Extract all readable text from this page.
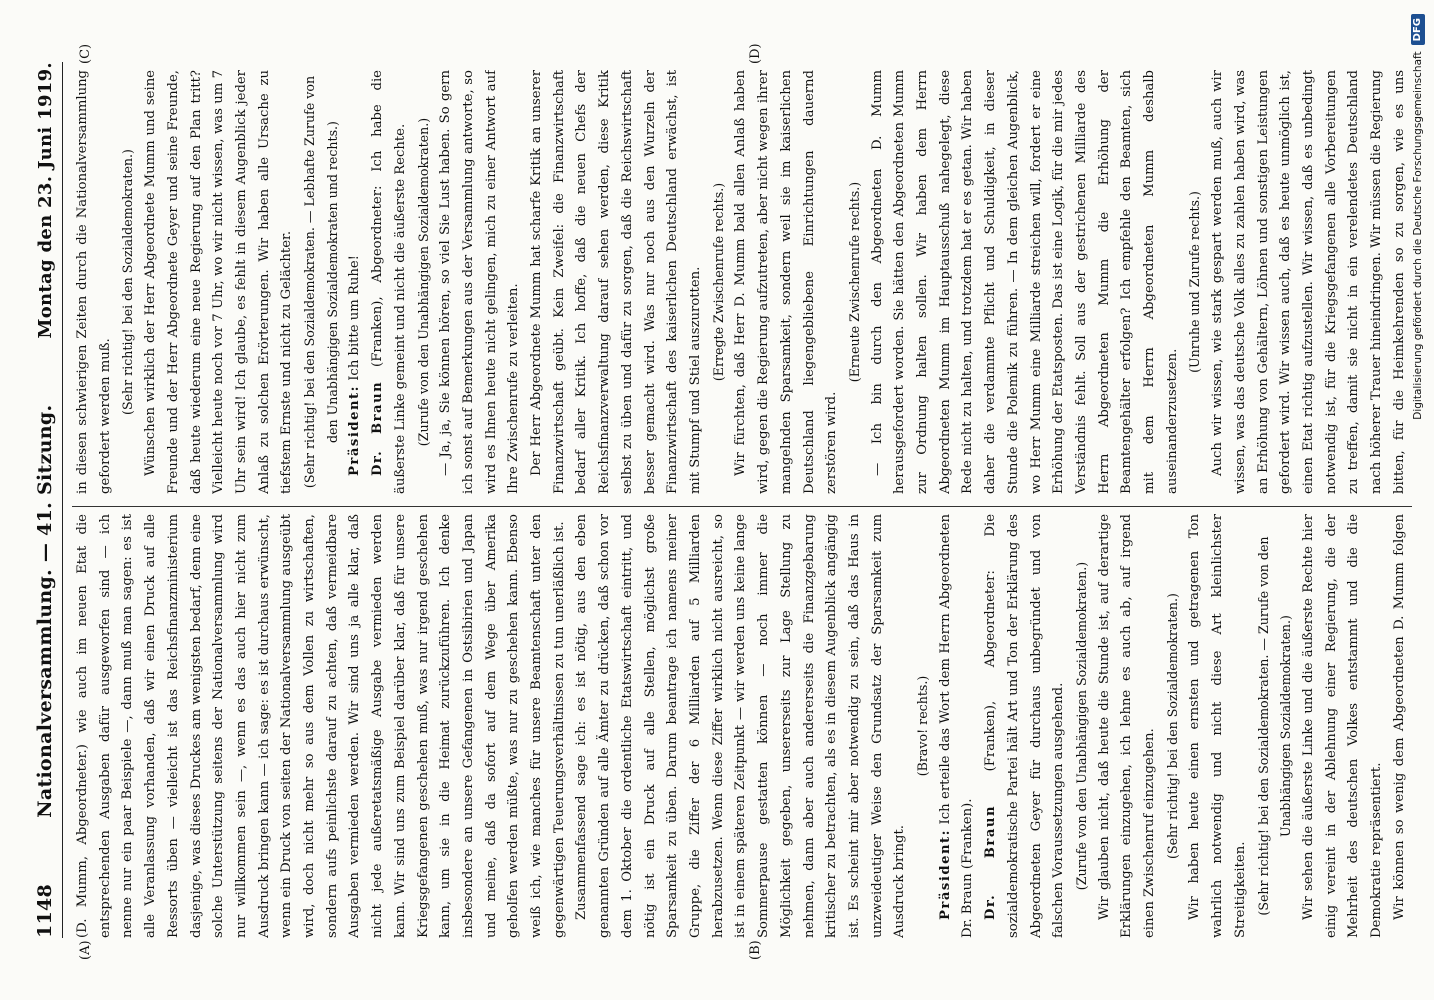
1148
Nationalversammlung. — 41. Sitzung.
Montag den 23. Juni 1919.
(A)	(B)
(C)	(D)

(D. Mumm, Abgeordneter.) wie auch im neuen Etat die entsprechenden Ausgaben dafür ausgeworfen sind — ich nenne nur ein paar Beispiele —, dann muß man sagen: es ist alle Veranlassung vorhanden, daß wir einen Druck auf alle Ressorts üben — vielleicht ist das Reichsfinanzministerium dasjenige, was dieses Druckes am wenigsten bedarf, denn eine solche Unterstützung seitens der Nationalversammlung wird nur willkommen sein —, wenn es das auch hier nicht zum Ausdruck bringen kann — ich sage: es ist durchaus erwünscht, wenn ein Druck von seiten der Nationalversammlung ausgeübt wird, doch nicht mehr so aus dem Vollen zu wirtschaften, sondern aufs peinlichste darauf zu achten, daß vermeidbare Ausgaben vermieden werden. Wir sind uns ja alle klar, daß nicht jede außeretatsmäßige Ausgabe vermieden werden kann. Wir sind uns zum Beispiel darüber klar, daß für unsere Kriegsgefangenen geschehen muß, was nur irgend geschehen kann, um sie in die Heimat zurückzuführen. Ich denke insbesondere an unsere Gefangenen in Ostsibirien und Japan und meine, daß da sofort auf dem Wege über Amerika geholfen werden müßte, was nur zu geschehen kann. Ebenso weiß ich, wie manches für unsere Beamtenschaft unter den gegenwärtigen Teuerungsverhältnissen zu tun unerläßlich ist. Zusammenfassend sage ich: es ist nötig, aus den eben genannten Gründen auf alle Ämter zu drücken, daß schon vor dem 1. Oktober die ordentliche Etatswirtschaft eintritt, und nötig ist ein Druck auf alle Stellen, möglichst große Sparsamkeit zu üben. Darum beantrage ich namens meiner Gruppe, die Ziffer der 6 Milliarden auf 5 Milliarden herabzusetzen. Wenn diese Ziffer wirklich nicht ausreicht, so ist in einem späteren Zeitpunkt — wir werden uns keine lange Sommerpause gestatten können — noch immer die Möglichkeit gegeben, unsererseits zur Lage Stellung zu nehmen, dann aber auch andererseits die Finanzgebarung kritischer zu betrachten, als es in diesem Augenblick angängig ist. Es scheint mir aber notwendig zu sein, daß das Haus in unzweideutiger Weise den Grundsatz der Sparsamkeit zum Ausdruck bringt.

(Bravo! rechts.)

Präsident: Ich erteile das Wort dem Herrn Abgeordneten Dr. Braun (Franken). Dr. Braun (Franken), Abgeordneter: Die sozialdemokratische Partei hält Art und Ton der Erklärung des Abgeordneten Geyer für durchaus unbegründet und von falschen Voraussetzungen ausgehend. (Zurufe von den Unabhängigen Sozialdemokraten.) Wir glauben nicht, daß heute die Stunde ist, auf derartige Erklärungen einzugehen, ich lehne es auch ab, auf irgend einen Zwischenruf einzugehen. (Sehr richtig! bei den Sozialdemokraten.) Wir haben heute einen ernsten und getragenen Ton wahrlich notwendig und nicht diese Art kleinlichster Streitigkeiten. (Sehr richtig! bei den Sozialdemokraten. — Zurufe von den Unabhängigen Sozialdemokraten.) Wir sehen die äußerste Linke und die äußerste Rechte hier einig vereint in der Ablehnung einer Regierung, die der Mehrheit des deutschen Volkes entstammt und die die Demokratie repräsentiert. Wir können so wenig dem Abgeordneten D. Mumm folgen

in diesen schwierigen Zeiten durch die Nationalversammlung gefordert werden muß.

(Sehr richtig! bei den Sozialdemokraten.) Wünschen wirklich der Herr Abgeordnete Mumm und seine Freunde und der Herr Abgeordnete Geyer und seine Freunde, daß heute wiederum eine neue Regierung auf den Plan tritt? Vielleicht heute noch vor 7 Uhr, wo wir nicht wissen, was um 7 Uhr sein wird! Ich glaube, es fehlt in diesem Augenblick jeder Anlaß zu solchen Erörterungen. Wir haben alle Ursache zu tiefstem Ernste und nicht zu Gelächter. (Sehr richtig! bei den Sozialdemokraten. — Lebhafte Zurufe von den Unabhängigen Sozialdemokraten und rechts.) Präsident: Ich bitte um Ruhe!

Dr. Braun (Franken), Abgeordneter: Ich habe die äußerste Linke gemeint und nicht die äußerste Rechte. (Zurufe von den Unabhängigen Sozialdemokraten.) — Ja, ja, Sie können hören, so viel Sie Lust haben. So gern ich sonst auf Bemerkungen aus der Versammlung antworte, so wird es Ihnen heute nicht gelingen, mich zu einer Antwort auf Ihre Zwischenrufe zu verleiten. Der Herr Abgeordnete Mumm hat scharfe Kritik an unserer Finanzwirtschaft geübt. Kein Zweifel: die Finanzwirtschaft bedarf aller Kritik. Ich hoffe, daß die neuen Chefs der Reichsfinanzverwaltung darauf sehen werden, diese Kritik selbst zu üben und dafür zu sorgen, daß die Reichswirtschaft besser gemacht wird. Was nur noch aus den Wurzeln der Finanzwirtschaft des kaiserlichen Deutschland erwächst, ist mit Stumpf und Stiel auszurotten. (Erregte Zwischenrufe rechts.) Wir fürchten, daß Herr D. Mumm bald allen Anlaß haben wird, gegen die Regierung aufzutreten, aber nicht wegen ihrer mangelnden Sparsamkeit, sondern weil sie im kaiserlichen Deutschland liegengebliebene Einrichtungen dauernd zerstören wird.

(Erneute Zwischenrufe rechts.) — Ich bin durch den Abgeordneten D. Mumm herausgefordert worden. Sie hätten den Abgeordneten Mumm zur Ordnung halten sollen. Wir haben dem Herrn Abgeordneten Mumm im Hauptausschuß nahegelegt, diese Rede nicht zu halten, und trotzdem hat er es getan. Wir haben daher die verdammte Pflicht und Schuldigkeit, in dieser Stunde die Polemik zu führen. — In dem gleichen Augenblick, wo Herr Mumm eine Milliarde streichen will, fordert er eine Erhöhung der Etatsposten. Das ist eine Logik, für die mir jedes Verständnis fehlt. Soll aus der gestrichenen Milliarde des Herrn Abgeordneten Mumm die Erhöhung der Beamtengehälter erfolgen? Ich empfehle den Beamten, sich mit dem Herrn Abgeordneten Mumm deshalb auseinanderzusetzen.

(Unruhe und Zurufe rechts.)

Auch wir wissen, wie stark gespart werden muß, auch wir wissen, was das deutsche Volk alles zu zahlen haben wird, was an Erhöhung von Gehältern, Löhnen und sonstigen Leistungen gefordert wird. Wir wissen auch, daß es heute unmöglich ist, einen Etat richtig aufzustellen. Wir wissen, daß es unbedingt notwendig ist, für die Kriegsgefangenen alle Vorbereitungen zu treffen, damit sie nicht in ein verelendetes Deutschland nach höherer Trauer hineindringen. Wir müssen die Regierung bitten, für die Heimkehrenden so zu sorgen, wie es uns Digitalisierung gefördert durch die Deutsche Forschungsgemeinschaft
DFG
